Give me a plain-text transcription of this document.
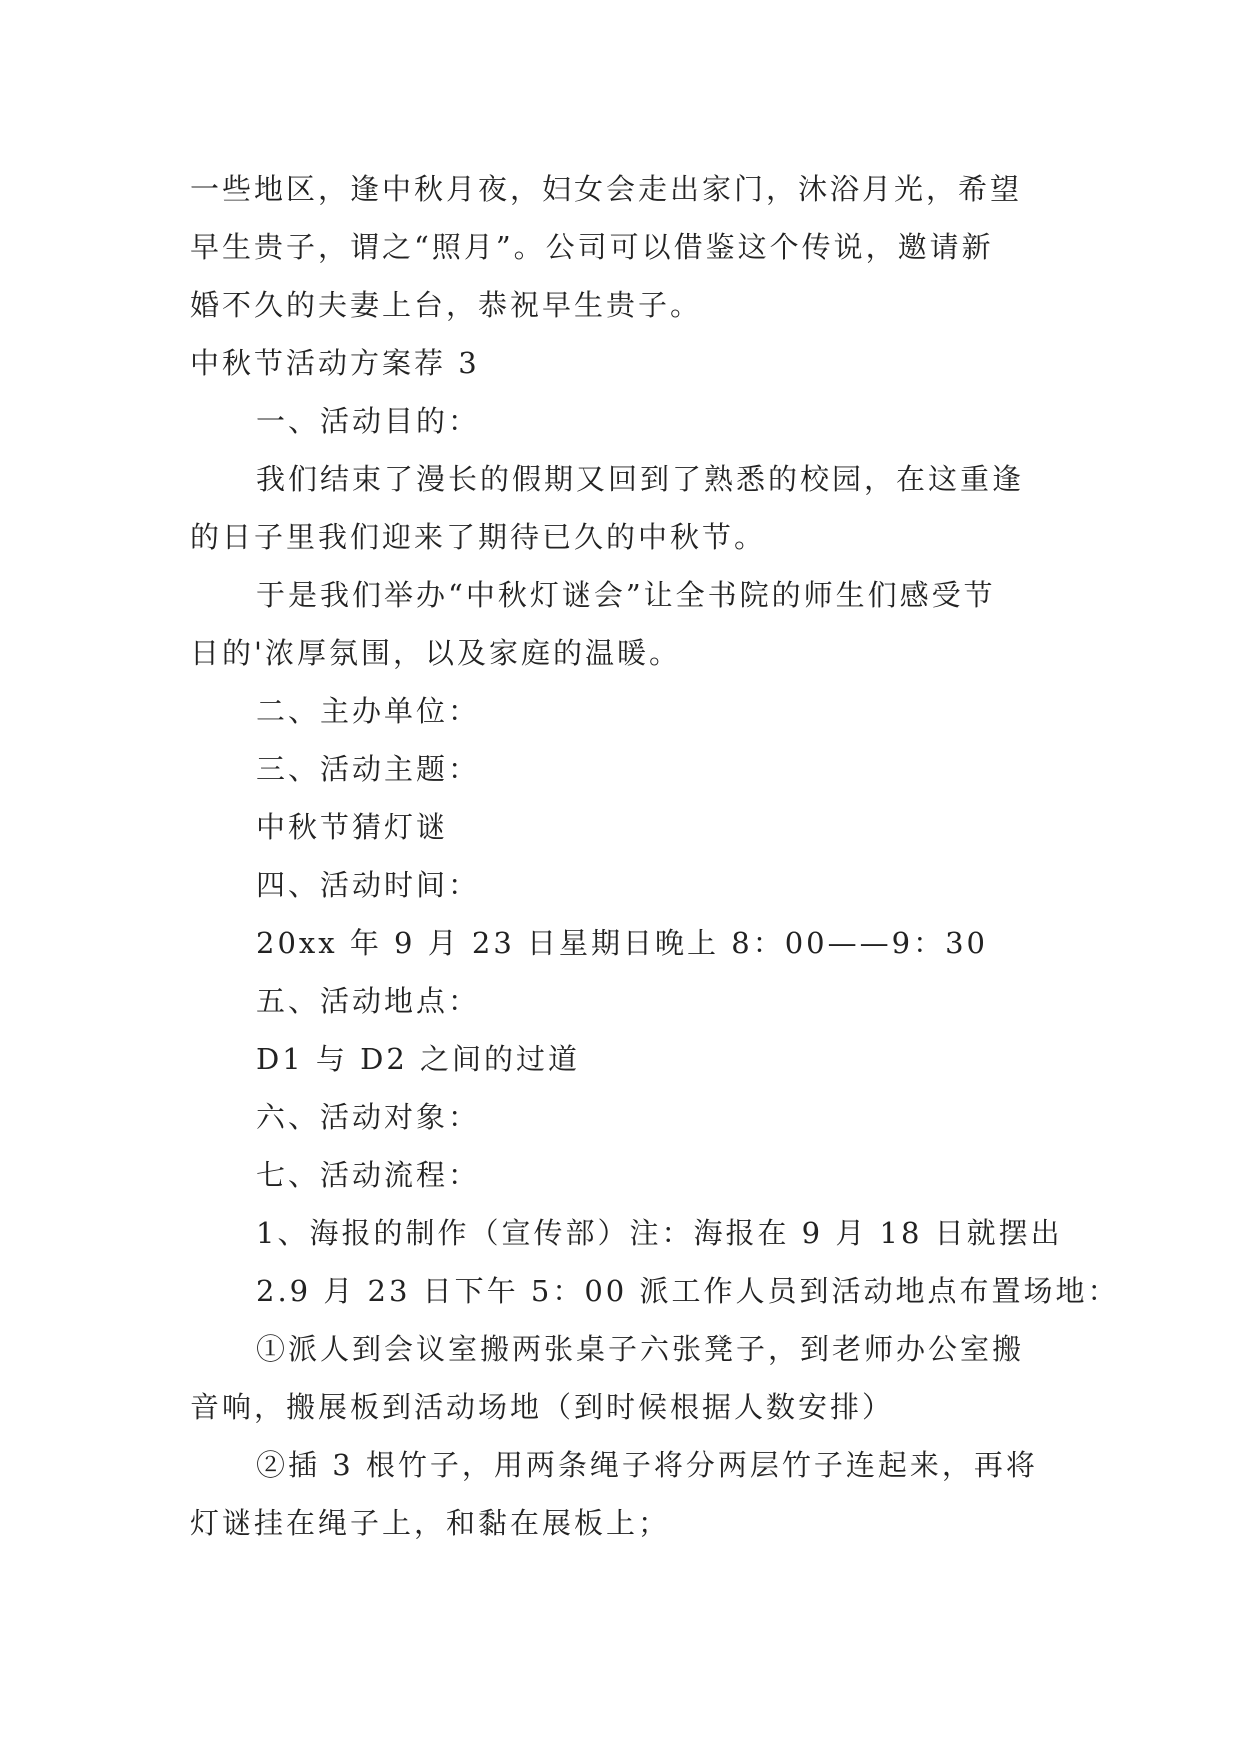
一些地区，逢中秋月夜，妇女会走出家门，沐浴月光，希望

早生贵子，谓之“照月”。公司可以借鉴这个传说，邀请新

婚不久的夫妻上台，恭祝早生贵子。

中秋节活动方案荐 3

一、活动目的：

我们结束了漫长的假期又回到了熟悉的校园，在这重逢

的日子里我们迎来了期待已久的中秋节。

于是我们举办“中秋灯谜会”让全书院的师生们感受节

日的'浓厚氛围，以及家庭的温暖。

二、主办单位：

三、活动主题：

中秋节猜灯谜

四、活动时间：

20xx 年 9 月 23 日星期日晚上 8：00——9：30

五、活动地点：

D1 与 D2 之间的过道

六、活动对象：

七、活动流程：

1、海报的制作（宣传部）注：海报在 9 月 18 日就摆出

2.9 月 23 日下午 5：00 派工作人员到活动地点布置场地：

①派人到会议室搬两张桌子六张凳子，到老师办公室搬

音响，搬展板到活动场地（到时候根据人数安排）

②插 3 根竹子，用两条绳子将分两层竹子连起来，再将

灯谜挂在绳子上，和黏在展板上；
